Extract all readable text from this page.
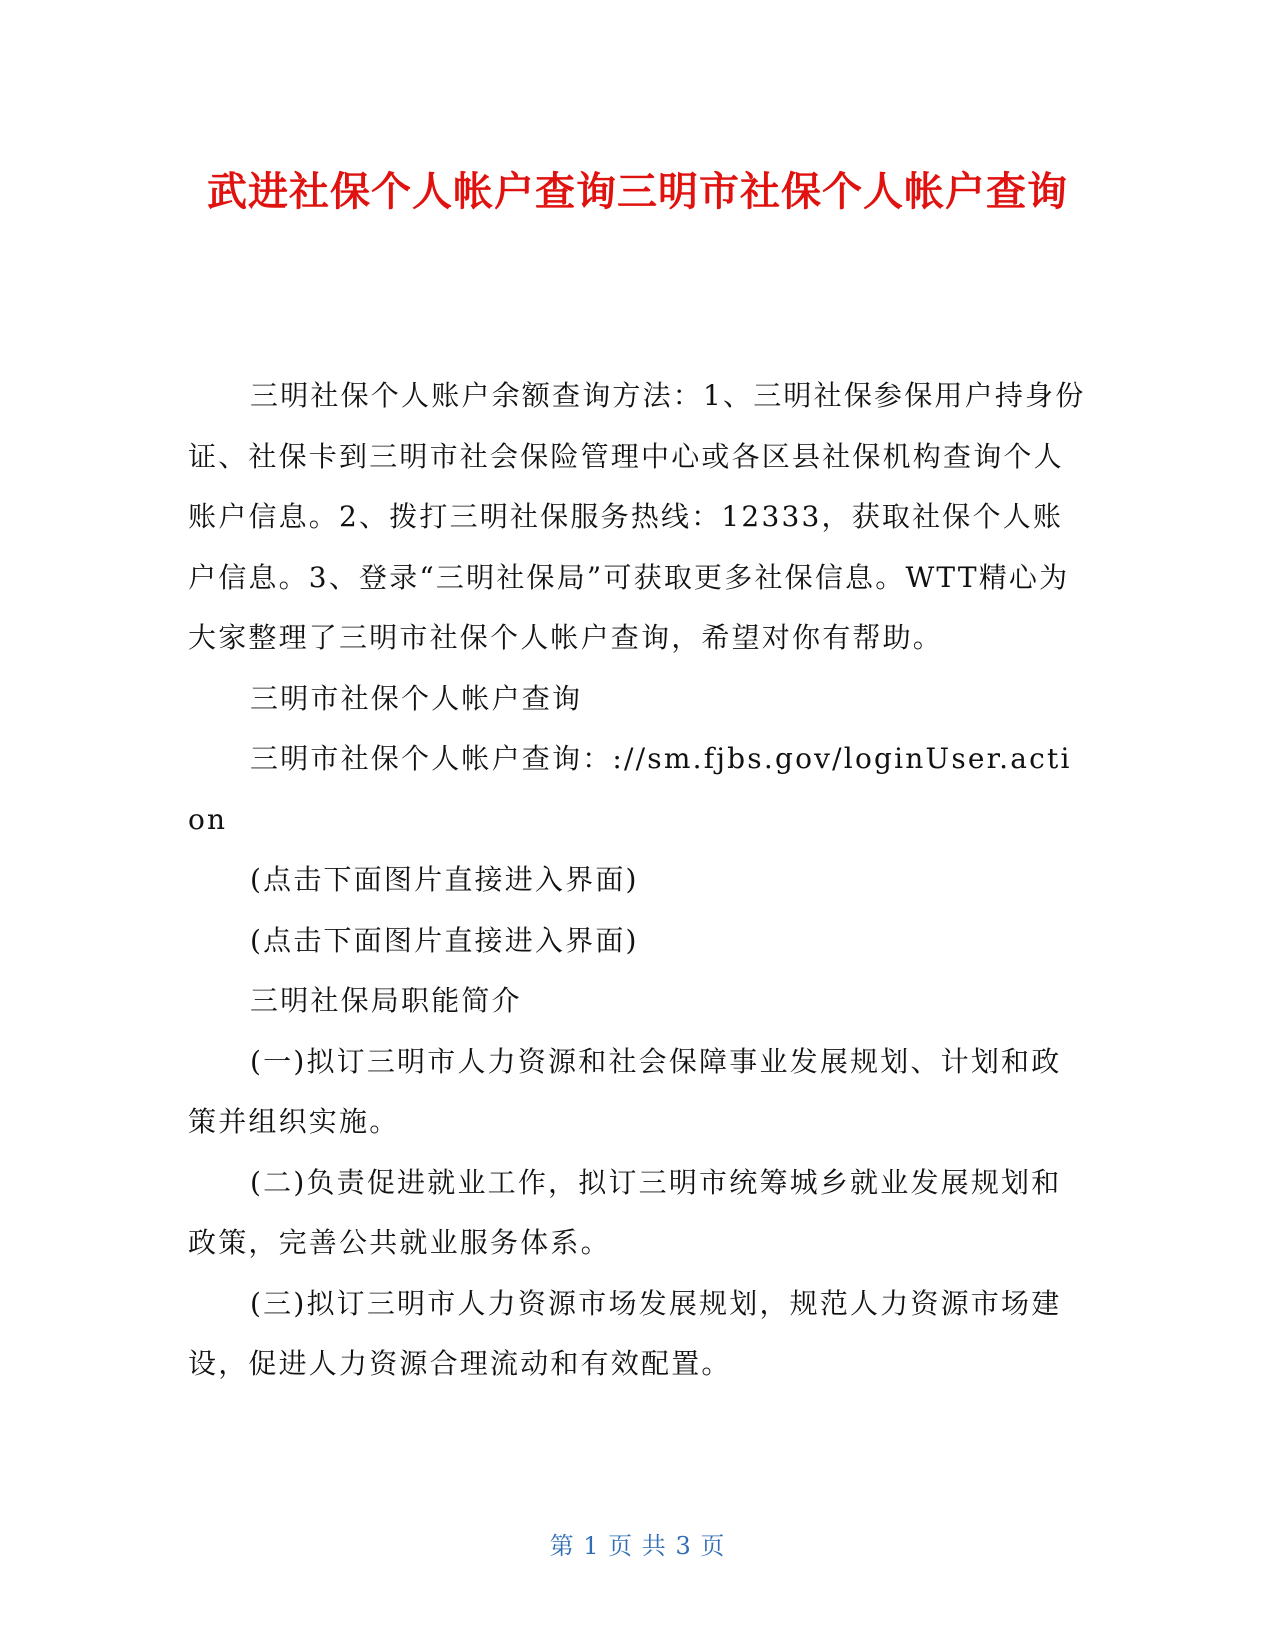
武进社保个人帐户查询三明市社保个人帐户查询

三明社保个人账户余额查询方法：1、三明社保参保用户持身份证、社保卡到三明市社会保险管理中心或各区县社保机构查询个人账户信息。2、拨打三明社保服务热线：12333，获取社保个人账户信息。3、登录“三明社保局”可获取更多社保信息。WTT精心为大家整理了三明市社保个人帐户查询，希望对你有帮助。

三明市社保个人帐户查询

三明市社保个人帐户查询：://sm.fjbs.gov/loginUser.action

(点击下面图片直接进入界面)

(点击下面图片直接进入界面)

三明社保局职能简介

(一)拟订三明市人力资源和社会保障事业发展规划、计划和政策并组织实施。

(二)负责促进就业工作，拟订三明市统筹城乡就业发展规划和政策，完善公共就业服务体系。

(三)拟订三明市人力资源市场发展规划，规范人力资源市场建设，促进人力资源合理流动和有效配置。

第 1 页 共 3 页
